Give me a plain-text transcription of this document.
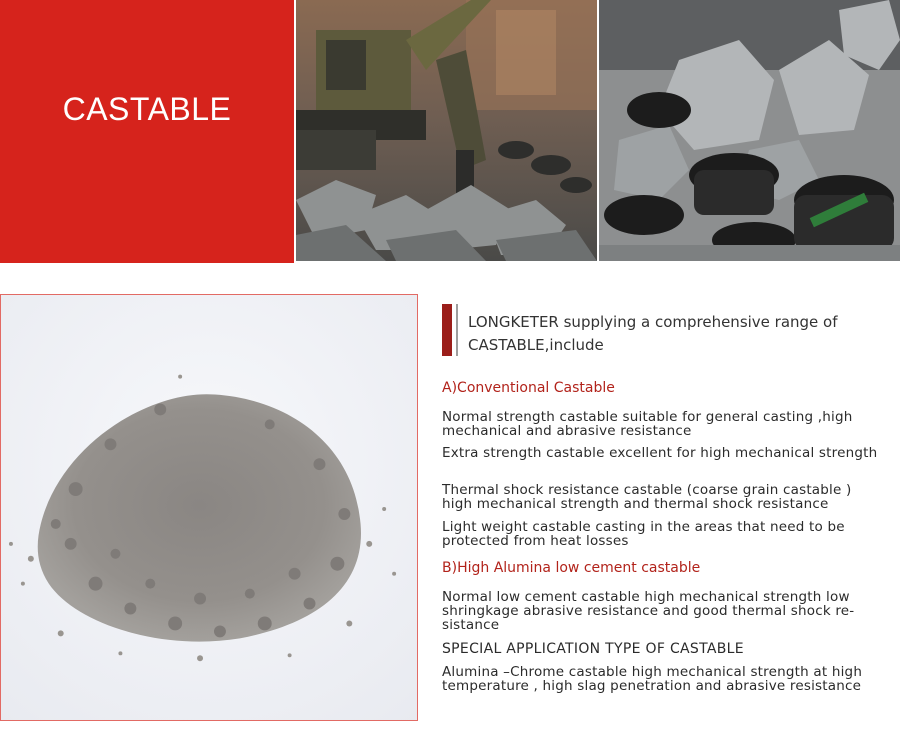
CASTABLE

LONGKETER supplying a comprehensive range of CASTABLE,include

A)Conventional Castable

Normal strength castable suitable for general casting ,high mechanical and abrasive resistance

Extra strength castable excellent for high mechanical strength

Thermal shock resistance castable (coarse grain castable ) high mechanical strength and thermal shock resistance

Light weight castable casting in the areas that need to be protected from heat losses

B)High Alumina low cement castable

Normal low cement castable high mechanical strength low shringkage abrasive resistance and good thermal shock re-sistance

SPECIAL APPLICATION TYPE OF CASTABLE

Alumina –Chrome castable high mechanical strength at high temperature , high slag penetration and abrasive resistance
